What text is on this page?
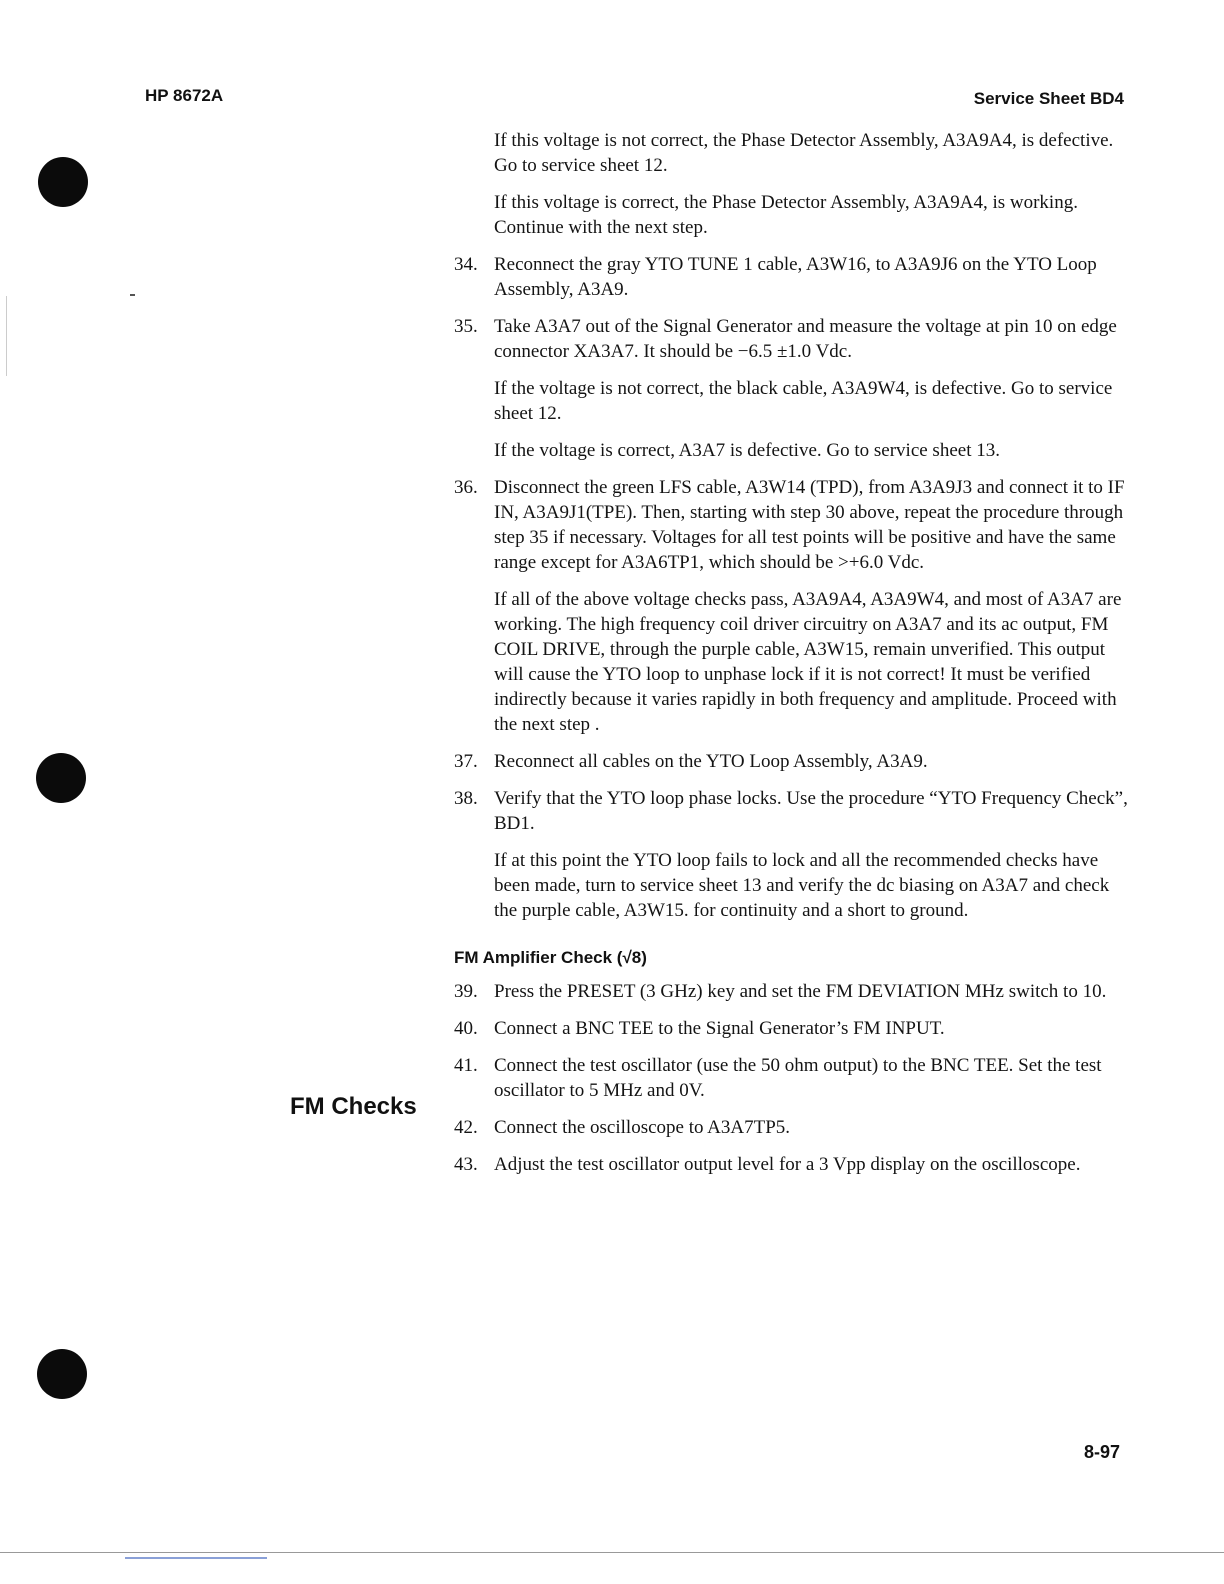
HP 8672A	Service Sheet BD4
FM Checks
If this voltage is not correct, the Phase Detector Assembly, A3A9A4, is defective. Go to service sheet 12.
If this voltage is correct, the Phase Detector Assembly, A3A9A4, is working. Continue with the next step.
34. Reconnect the gray YTO TUNE 1 cable, A3W16, to A3A9J6 on the YTO Loop Assembly, A3A9.
35. Take A3A7 out of the Signal Generator and measure the voltage at pin 10 on edge connector XA3A7. It should be −6.5 ±1.0 Vdc.
If the voltage is not correct, the black cable, A3A9W4, is defective. Go to service sheet 12.
If the voltage is correct, A3A7 is defective. Go to service sheet 13.
36. Disconnect the green LFS cable, A3W14 (TPD), from A3A9J3 and connect it to IF IN, A3A9J1(TPE). Then, starting with step 30 above, repeat the procedure through step 35 if necessary. Voltages for all test points will be positive and have the same range except for A3A6TP1, which should be >+6.0 Vdc.
If all of the above voltage checks pass, A3A9A4, A3A9W4, and most of A3A7 are working. The high frequency coil driver circuitry on A3A7 and its ac output, FM COIL DRIVE, through the purple cable, A3W15, remain unverified. This output will cause the YTO loop to unphase lock if it is not correct! It must be verified indirectly because it varies rapidly in both frequency and amplitude. Proceed with the next step .
37. Reconnect all cables on the YTO Loop Assembly, A3A9.
38. Verify that the YTO loop phase locks. Use the procedure “YTO Frequency Check”, BD1.
If at this point the YTO loop fails to lock and all the recommended checks have been made, turn to service sheet 13 and verify the dc biasing on A3A7 and check the purple cable, A3W15. for continuity and a short to ground.
FM Amplifier Check (√8)
39. Press the PRESET (3 GHz) key and set the FM DEVIATION MHz switch to 10.
40. Connect a BNC TEE to the Signal Generator’s FM INPUT.
41. Connect the test oscillator (use the 50 ohm output) to the BNC TEE. Set the test oscillator to 5 MHz and 0V.
42. Connect the oscilloscope to A3A7TP5.
43. Adjust the test oscillator output level for a 3 Vpp display on the oscilloscope.
8-97
